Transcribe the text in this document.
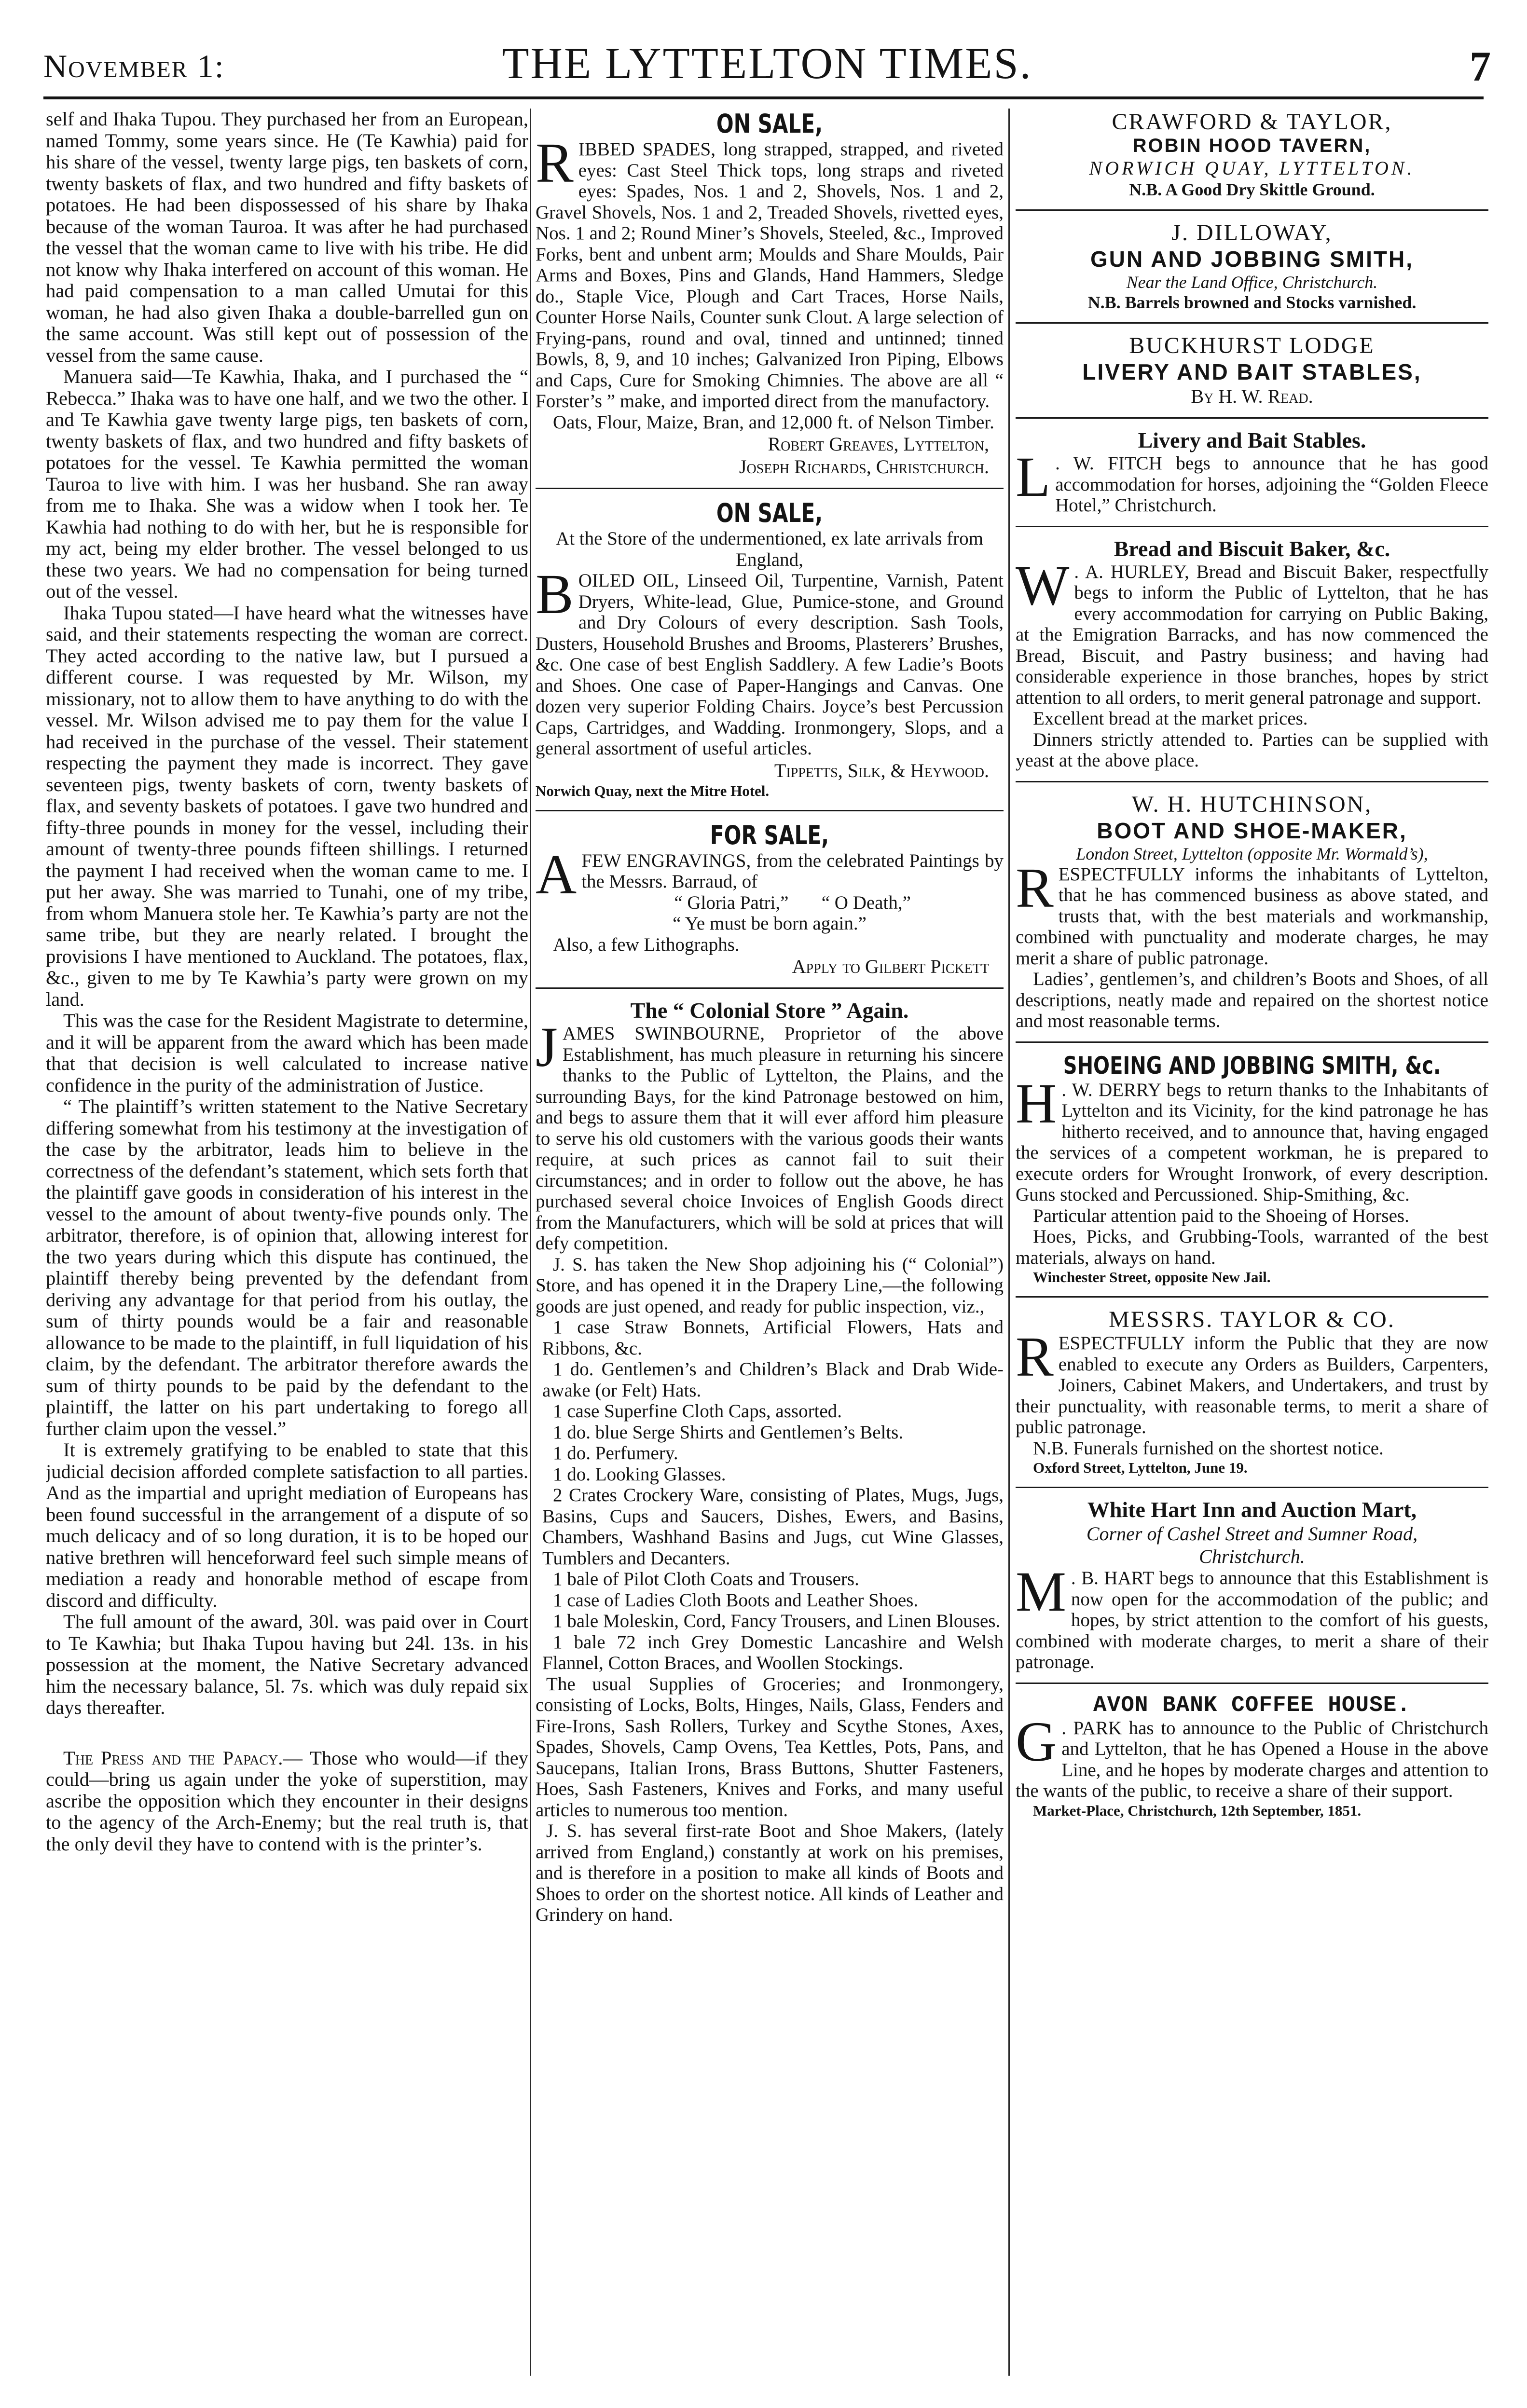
November 1:	THE LYTTELTON TIMES.	7

self and Ihaka Tupou. They purchased her from an European, named Tommy, some years since. He (Te Kawhia) paid for his share of the vessel, twenty large pigs, ten baskets of corn, twenty baskets of flax, and two hundred and fifty baskets of potatoes. He had been dispossessed of his share by Ihaka because of the woman Tauroa. It was after he had purchased the vessel that the woman came to live with his tribe. He did not know why Ihaka interfered on account of this woman. He had paid compensation to a man called Umutai for this woman, he had also given Ihaka a double-barrelled gun on the same account. Was still kept out of possession of the vessel from the same cause.

Manuera said—Te Kawhia, Ihaka, and I purchased the “ Rebecca.” Ihaka was to have one half, and we two the other. I and Te Kawhia gave twenty large pigs, ten baskets of corn, twenty baskets of flax, and two hundred and fifty baskets of potatoes for the vessel. Te Kawhia permitted the woman Tauroa to live with him. I was her husband. She ran away from me to Ihaka. She was a widow when I took her. Te Kawhia had nothing to do with her, but he is responsible for my act, being my elder brother. The vessel belonged to us these two years. We had no compensation for being turned out of the vessel.

Ihaka Tupou stated—I have heard what the witnesses have said, and their statements respecting the woman are correct. They acted according to the native law, but I pursued a different course. I was requested by Mr. Wilson, my missionary, not to allow them to have anything to do with the vessel. Mr. Wilson advised me to pay them for the value I had received in the purchase of the vessel. Their statement respecting the payment they made is incorrect. They gave seventeen pigs, twenty baskets of corn, twenty baskets of flax, and seventy baskets of potatoes. I gave two hundred and fifty-three pounds in money for the vessel, including their amount of twenty-three pounds fifteen shillings. I returned the payment I had received when the woman came to me. I put her away. She was married to Tunahi, one of my tribe, from whom Manuera stole her. Te Kawhia’s party are not the same tribe, but they are nearly related. I brought the provisions I have mentioned to Auckland. The potatoes, flax, &c., given to me by Te Kawhia’s party were grown on my land.

This was the case for the Resident Magistrate to determine, and it will be apparent from the award which has been made that that decision is well calculated to increase native confidence in the purity of the administration of Justice.

“ The plaintiff’s written statement to the Native Secretary differing somewhat from his testimony at the investigation of the case by the arbitrator, leads him to believe in the correctness of the defendant’s statement, which sets forth that the plaintiff gave goods in consideration of his interest in the vessel to the amount of about twenty-five pounds only. The arbitrator, therefore, is of opinion that, allowing interest for the two years during which this dispute has continued, the plaintiff thereby being prevented by the defendant from deriving any advantage for that period from his outlay, the sum of thirty pounds would be a fair and reasonable allowance to be made to the plaintiff, in full liquidation of his claim, by the defendant. The arbitrator therefore awards the sum of thirty pounds to be paid by the defendant to the plaintiff, the latter on his part undertaking to forego all further claim upon the vessel.”

It is extremely gratifying to be enabled to state that this judicial decision afforded complete satisfaction to all parties. And as the impartial and upright mediation of Europeans has been found successful in the arrangement of a dispute of so much delicacy and of so long duration, it is to be hoped our native brethren will henceforward feel such simple means of mediation a ready and honorable method of escape from discord and difficulty.

The full amount of the award, 30l. was paid over in Court to Te Kawhia; but Ihaka Tupou having but 24l. 13s. in his possession at the moment, the Native Secretary advanced him the necessary balance, 5l. 7s. which was duly repaid six days thereafter.

The Press and the Papacy.— Those who would—if they could—bring us again under the yoke of superstition, may ascribe the opposition which they encounter in their designs to the agency of the Arch-Enemy; but the real truth is, that the only devil they have to contend with is the printer’s.

ON SALE,

RIBBED SPADES, long strapped, strapped, and riveted eyes: Cast Steel Thick tops, long straps and riveted eyes: Spades, Nos. 1 and 2, Shovels, Nos. 1 and 2, Gravel Shovels, Nos. 1 and 2, Treaded Shovels, rivetted eyes, Nos. 1 and 2; Round Miner’s Shovels, Steeled, &c., Improved Forks, bent and unbent arm; Moulds and Share Moulds, Pair Arms and Boxes, Pins and Glands, Hand Hammers, Sledge do., Staple Vice, Plough and Cart Traces, Horse Nails, Counter Horse Nails, Counter sunk Clout. A large selection of Frying-pans, round and oval, tinned and untinned; tinned Bowls, 8, 9, and 10 inches; Galvanized Iron Piping, Elbows and Caps, Cure for Smoking Chimnies. The above are all “ Forster’s ” make, and imported direct from the manufactory.

Oats, Flour, Maize, Bran, and 12,000 ft. of Nelson Timber.

Robert Greaves, Lyttelton,

Joseph Richards, Christchurch.

ON SALE,

At the Store of the undermentioned, ex late arrivals from England,

BOILED OIL, Linseed Oil, Turpentine, Varnish, Patent Dryers, White-lead, Glue, Pumice-stone, and Ground and Dry Colours of every description. Sash Tools, Dusters, Household Brushes and Brooms, Plasterers’ Brushes, &c. One case of best English Saddlery. A few Ladie’s Boots and Shoes. One case of Paper-Hangings and Canvas. One dozen very superior Folding Chairs. Joyce’s best Percussion Caps, Cartridges, and Wadding. Ironmongery, Slops, and a general assortment of useful articles.

Tippetts, Silk, & Heywood.

Norwich Quay, next the Mitre Hotel.

FOR SALE,

AFEW ENGRAVINGS, from the celebrated Paintings by the Messrs. Barraud, of

“ Gloria Patri,”       “ O Death,”

“ Ye must be born again.”

Also, a few Lithographs.

Apply to Gilbert Pickett

The “ Colonial Store ” Again.

JAMES SWINBOURNE, Proprietor of the above Establishment, has much pleasure in returning his sincere thanks to the Public of Lyttelton, the Plains, and the surrounding Bays, for the kind Patronage bestowed on him, and begs to assure them that it will ever afford him pleasure to serve his old customers with the various goods their wants require, at such prices as cannot fail to suit their circumstances; and in order to follow out the above, he has purchased several choice Invoices of English Goods direct from the Manufacturers, which will be sold at prices that will defy competition.

J. S. has taken the New Shop adjoining his (“ Colonial”) Store, and has opened it in the Drapery Line,—the following goods are just opened, and ready for public inspection, viz.,

1 case Straw Bonnets, Artificial Flowers, Hats and Ribbons, &c.

1 do. Gentlemen’s and Children’s Black and Drab Wide-awake (or Felt) Hats.

1 case Superfine Cloth Caps, assorted.

1 do. blue Serge Shirts and Gentlemen’s Belts.

1 do. Perfumery.

1 do. Looking Glasses.

2 Crates Crockery Ware, consisting of Plates, Mugs, Jugs, Basins, Cups and Saucers, Dishes, Ewers, and Basins, Chambers, Washhand Basins and Jugs, cut Wine Glasses, Tumblers and Decanters.

1 bale of Pilot Cloth Coats and Trousers.

1 case of Ladies Cloth Boots and Leather Shoes.

1 bale Moleskin, Cord, Fancy Trousers, and Linen Blouses.

1 bale 72 inch Grey Domestic Lancashire and Welsh Flannel, Cotton Braces, and Woollen Stockings.

The usual Supplies of Groceries; and Ironmongery, consisting of Locks, Bolts, Hinges, Nails, Glass, Fenders and Fire-Irons, Sash Rollers, Turkey and Scythe Stones, Axes, Spades, Shovels, Camp Ovens, Tea Kettles, Pots, Pans, and Saucepans, Italian Irons, Brass Buttons, Shutter Fasteners, Hoes, Sash Fasteners, Knives and Forks, and many useful articles to numerous too mention.

J. S. has several first-rate Boot and Shoe Makers, (lately arrived from England,) constantly at work on his premises, and is therefore in a position to make all kinds of Boots and Shoes to order on the shortest notice. All kinds of Leather and Grindery on hand.

CRAWFORD & TAYLOR,

ROBIN HOOD TAVERN,

NORWICH QUAY, LYTTELTON.

N.B. A Good Dry Skittle Ground.

J. DILLOWAY,

GUN AND JOBBING SMITH,

Near the Land Office, Christchurch.

N.B. Barrels browned and Stocks varnished.

BUCKHURST LODGE

LIVERY AND BAIT STABLES,

By H. W. Read.

Livery and Bait Stables.

L . W. FITCH begs to announce that he has good accommodation for horses, adjoining the “Golden Fleece Hotel,” Christchurch.

Bread and Biscuit Baker, &c.

W . A. HURLEY, Bread and Biscuit Baker, respectfully begs to inform the Public of Lyttelton, that he has every accommodation for carrying on Public Baking, at the Emigration Barracks, and has now commenced the Bread, Biscuit, and Pastry business; and having had considerable experience in those branches, hopes by strict attention to all orders, to merit general patronage and support.

Excellent bread at the market prices.

Dinners strictly attended to. Parties can be supplied with yeast at the above place.

W. H. HUTCHINSON,

BOOT AND SHOE-MAKER,

London Street, Lyttelton (opposite Mr. Wormald’s),

RESPECTFULLY informs the inhabitants of Lyttelton, that he has commenced business as above stated, and trusts that, with the best materials and workmanship, combined with punctuality and moderate charges, he may merit a share of public patronage.

Ladies’, gentlemen’s, and children’s Boots and Shoes, of all descriptions, neatly made and repaired on the shortest notice and most reasonable terms.

SHOEING AND JOBBING SMITH, &c.

H . W. DERRY begs to return thanks to the Inhabitants of Lyttelton and its Vicinity, for the kind patronage he has hitherto received, and to announce that, having engaged the services of a competent workman, he is prepared to execute orders for Wrought Ironwork, of every description. Guns stocked and Percussioned. Ship-Smithing, &c.

Particular attention paid to the Shoeing of Horses.

Hoes, Picks, and Grubbing-Tools, warranted of the best materials, always on hand.

Winchester Street, opposite New Jail.

MESSRS. TAYLOR & CO.

RESPECTFULLY inform the Public that they are now enabled to execute any Orders as Builders, Carpenters, Joiners, Cabinet Makers, and Undertakers, and trust by their punctuality, with reasonable terms, to merit a share of public patronage.

N.B. Funerals furnished on the shortest notice.

Oxford Street, Lyttelton, June 19.

White Hart Inn and Auction Mart,

Corner of Cashel Street and Sumner Road,

Christchurch.

M . B. HART begs to announce that this Establishment is now open for the accommodation of the public; and hopes, by strict attention to the comfort of his guests, combined with moderate charges, to merit a share of their patronage.

AVON BANK COFFEE HOUSE.

G . PARK has to announce to the Public of Christchurch and Lyttelton, that he has Opened a House in the above Line, and he hopes by moderate charges and attention to the wants of the public, to receive a share of their support.

Market-Place, Christchurch, 12th September, 1851.
